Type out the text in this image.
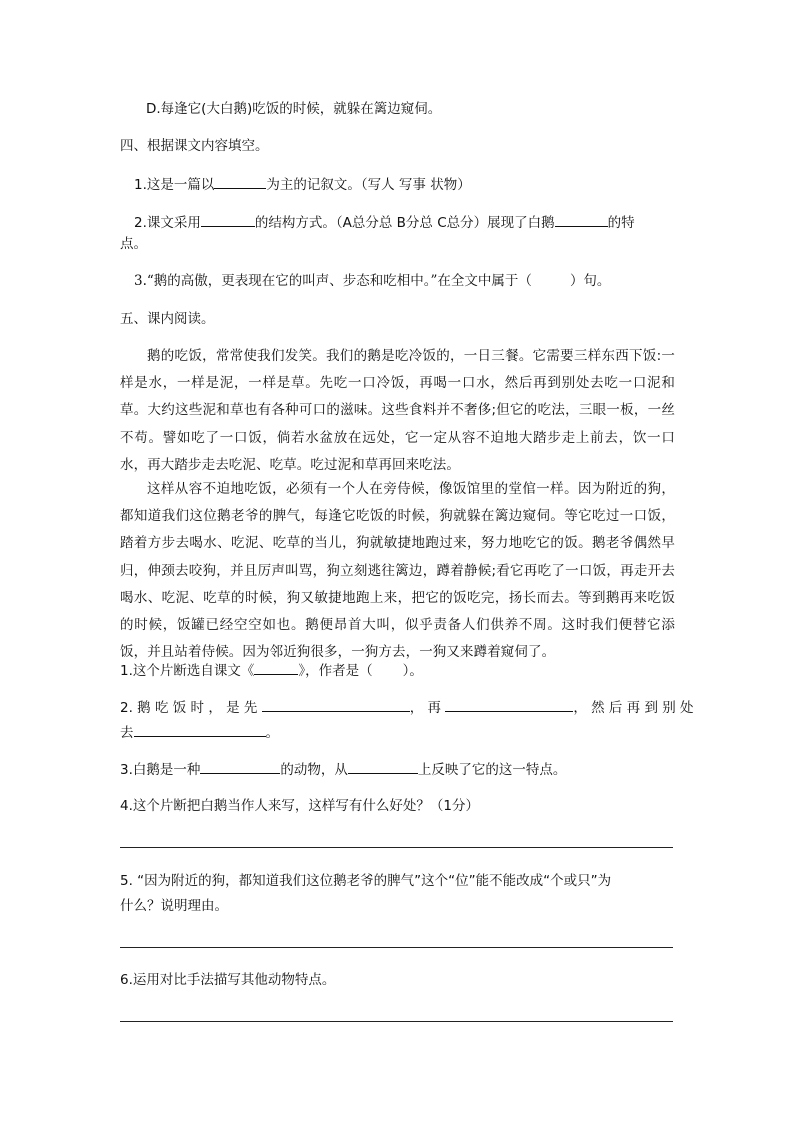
D.每逢它(大白鹅)吃饭的时候，就躲在篱边窥伺。
四、根据课文内容填空。
1.这是一篇以	为主的记叙文。（写人 写事 状物）
2.课文采用	的结构方式。（A总分总 B分总 C总分）展现了白鹅	的特
点。
3.“鹅的高傲，更表现在它的叫声、步态和吃相中。”在全文中属于（	）句。
五、课内阅读。
鹅的吃饭，常常使我们发笑。我们的鹅是吃冷饭的，一日三餐。它需要三样东西下饭:一样是水，一样是泥，一样是草。先吃一口冷饭，再喝一口水，然后再到别处去吃一口泥和草。大约这些泥和草也有各种可口的滋味。这些食料并不奢侈;但它的吃法，三眼一板，一丝不苟。譬如吃了一口饭，倘若水盆放在远处，它一定从容不迫地大踏步走上前去，饮一口水，再大踏步走去吃泥、吃草。吃过泥和草再回来吃法。
这样从容不迫地吃饭，必须有一个人在旁侍候，像饭馆里的堂倌一样。因为附近的狗，都知道我们这位鹅老爷的脾气，每逢它吃饭的时候，狗就躲在篱边窥伺。等它吃过一口饭，踏着方步去喝水、吃泥、吃草的当儿，狗就敏捷地跑过来，努力地吃它的饭。鹅老爷偶然早归，伸颈去咬狗，并且厉声叫骂，狗立刻逃往篱边，蹲着静候;看它再吃了一口饭，再走开去喝水、吃泥、吃草的时候，狗又敏捷地跑上来，把它的饭吃完，扬长而去。等到鹅再来吃饭的时候，饭罐已经空空如也。鹅便昂首大叫，似乎责备人们供养不周。这时我们便替它添饭，并且站着侍候。因为邻近狗很多，一狗方去，一狗又来蹲着窥伺了。
1.这个片断选自课文《	》，作者是（ ）。
2. 鹅 吃 饭 时 ， 是 先	， 再	， 然 后 再 到 别 处
去	。
3.白鹅是一种	的动物，从	上反映了它的这一特点。
4.这个片断把白鹅当作人来写，这样写有什么好处？（1分）
5. “因为附近的狗，都知道我们这位鹅老爷的脾气”这个“位”能不能改成“个或只”为
什么？说明理由。
6.运用对比手法描写其他动物特点。
